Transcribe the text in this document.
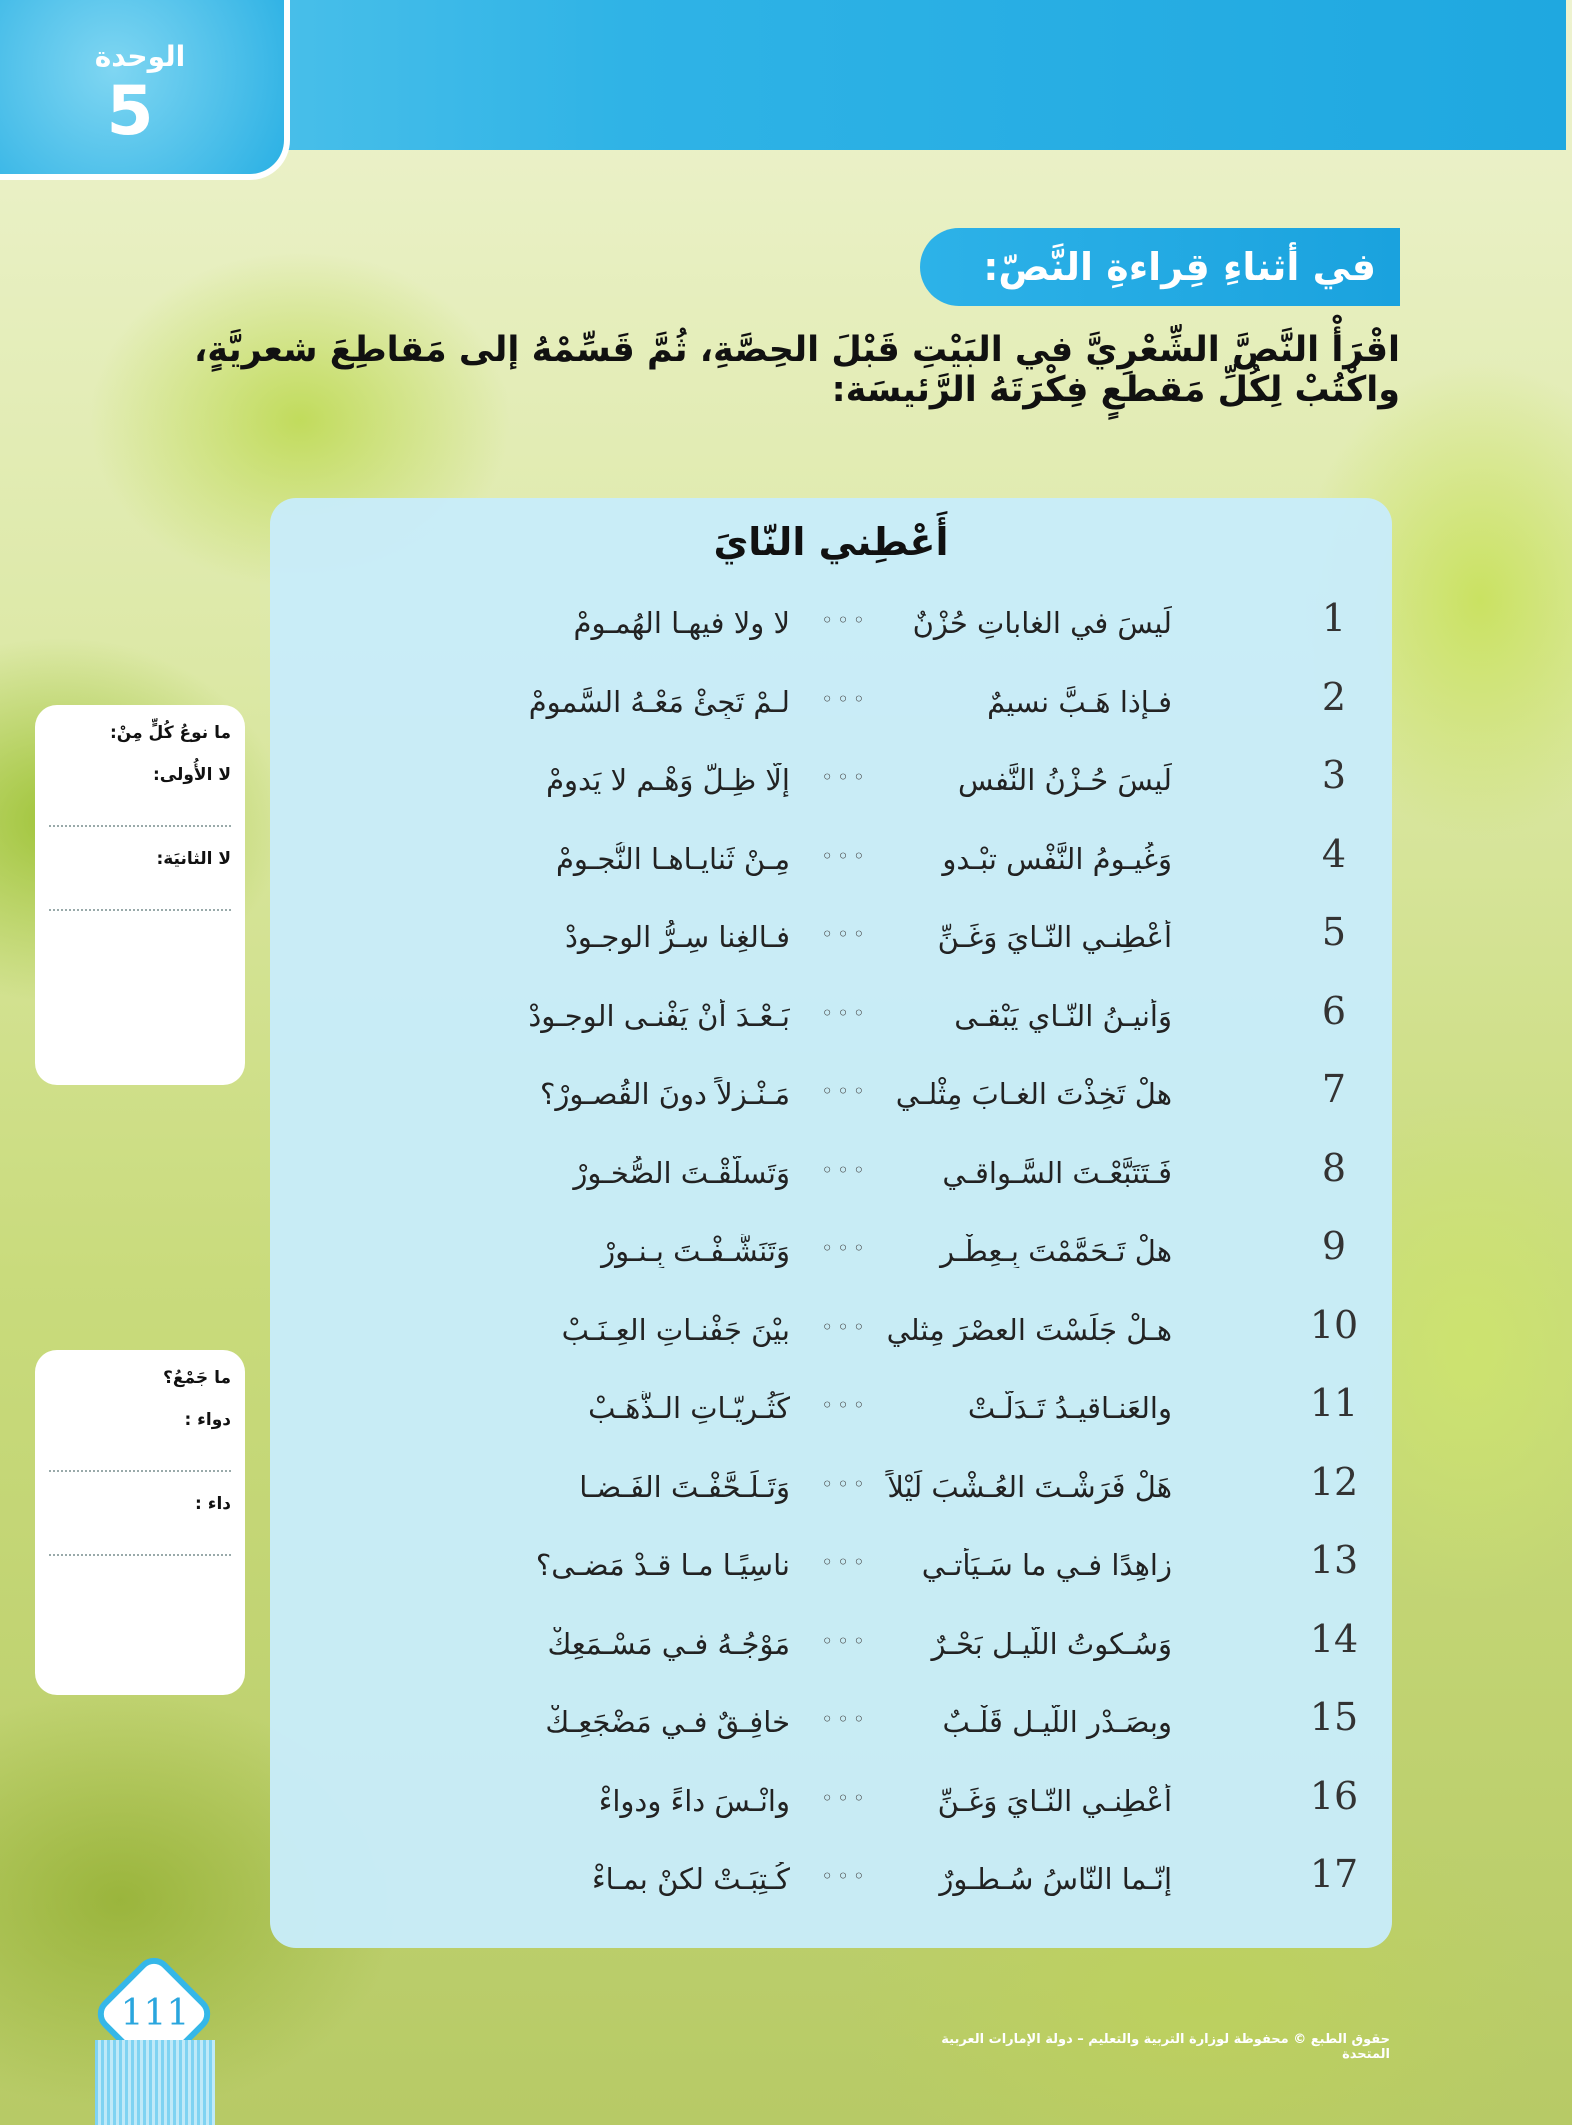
الوحدة
5
في أثناءِ قِراءةِ النَّصّ:
اقْرَأْ النَّصَّ الشِّعْرِيَّ في البَيْتِ قَبْلَ الحِصَّةِ، ثُمَّ قَسِّمْهُ إلى مَقاطِعَ شعريَّةٍ، واكْتُبْ لِكُلِّ مَقطعٍ فِكْرَتَهُ الرَّئيسَة:
ما نوعُ كُلٍّ مِنْ:
لا الأُولى:
لا الثانيَة:
ما جَمْعُ؟
دواء :
داء :
أَعْطِني النّايَ
1
لَيسَ في الغاباتِ حُزْنٌ
◦◦◦
لا ولا فيهـا الهُمـومْ
2
فـإذا هَـبَّ نسيمٌ
◦◦◦
لـمْ تَجِئْ مَعْـهُ السَّمومْ
3
لَيسَ حُـزْنُ النَّفسِ
◦◦◦
إلّا ظِـلُّ وَهْـمٍ لا يَدومْ
4
وَغُيـومُ النَّفْسِ تبْـدو
◦◦◦
مِـنْ ثَنايـاهـا النُّجـومْ
5
أعْطِنـي النّـايَ وَغَـنِّ
◦◦◦
فـالغِنا سِـرُّ الوجـودْ
6
وَأنيـنُ النّـاي يَبْقـى
◦◦◦
بَـعْـدَ أنْ يَفْنـى الوجـودْ
7
هلْ تَخِذْتَ الغـابَ مِثْلـي
◦◦◦
مَـنْـزِلاً دونَ القُصـورْ؟
8
فَـتَتَبَّعْـتَ السَّـواقـي
◦◦◦
وَتَسلَّقْـتَ الصُّخـورْ
9
هلْ تَـحَمَّمْتَ بِـعِطْـرٍ
◦◦◦
وَتَنَشَّـفْـتَ بِـنـورْ
10
هـلْ جَلَسْتَ العصْرَ مِثلي
◦◦◦
بيْنَ جَفْنـاتِ العِـنَـبْ
11
والعَنـاقيـدُ تَـدَلَّـتْ
◦◦◦
كَثُـريّـاتِ الـذَّهَـبْ
12
هَلْ فَرَشْـتَ العُـشْبَ لَيْلاً
◦◦◦
وَتَـلَـحَّفْـتَ الفَـضـا
13
زاهِدًا فـي ما سَـيَأْتـي
◦◦◦
ناسِيًـا مـا قـدْ مَضـى؟
14
وَسُـكوتُ اللَّيـلِ بَحْـرٌ
◦◦◦
مَوْجُـهُ فـي مَسْـمَعِكْ
15
وبِصَـدْرِ اللَّيـلِ قَلْـبٌ
◦◦◦
خافِـقٌ فـي مَضْجَعِـكْ
16
أعْطِنـي النّـايَ وَغَـنِّ
◦◦◦
وانْـسَ داءً ودواءْ
17
إنّـما النّاسُ سُـطـورٌ
◦◦◦
كُـتِبَـتْ لكنْ بمـاءْ
111
حقوق الطبع © محفوظة لوزارة التربية والتعليم – دولة الإمارات العربية المتحدة
